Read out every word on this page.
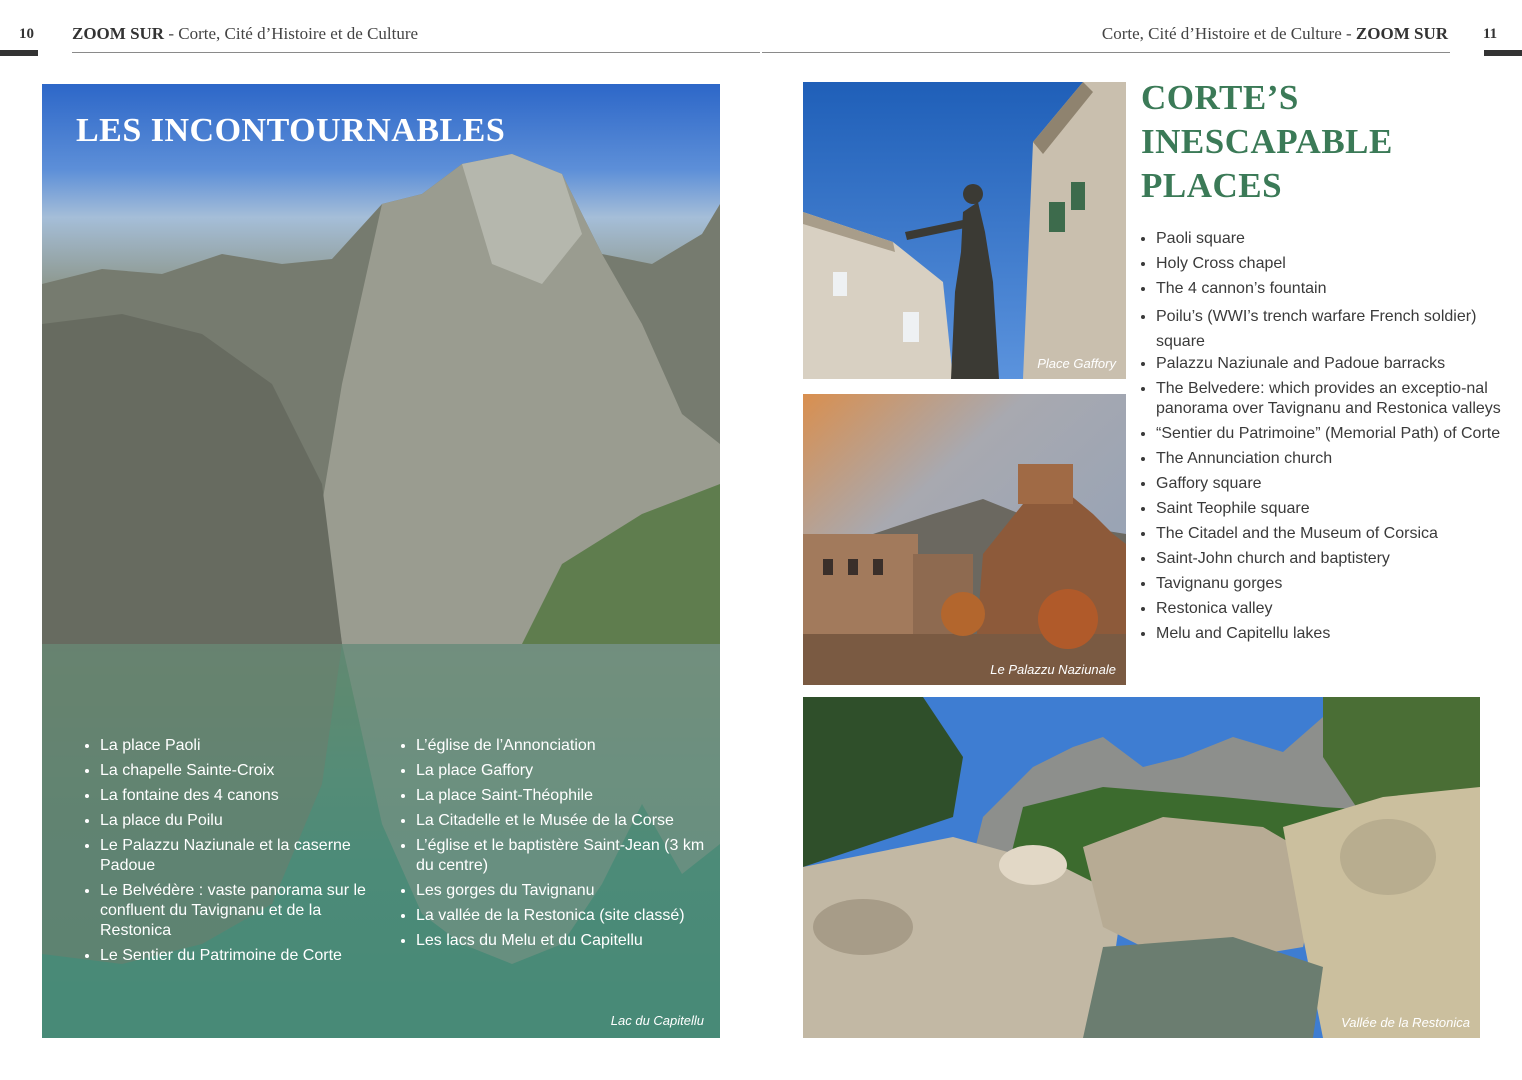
10 ZOOM SUR - Corte, Cité d’Histoire et de Culture	Corte, Cité d’Histoire et de Culture - ZOOM SUR 11
LES INCONTOURNABLES
• La place Paoli
• La chapelle Sainte-Croix
• La fontaine des 4 canons
• La place du Poilu
• Le Palazzu Naziunale et la caserne Padoue
• Le Belvédère : vaste panorama sur le confluent du Tavignanu et de la Restonica
• Le Sentier du Patrimoine de Corte
• L’église de l’Annonciation
• La place Gaffory
• La place Saint-Théophile
• La Citadelle et le Musée de la Corse
• L’église et le baptistère Saint-Jean (3 km du centre)
• Les gorges du Tavignanu
• La vallée de la Restonica (site classé)
• Les lacs du Melu et du Capitellu
Lac du Capitellu
Place Gaffory
Le Palazzu Naziunale
Vallée de la Restonica
CORTE’S
INESCAPABLE
PLACES
• Paoli square
• Holy Cross chapel
• The 4 cannon’s fountain
• Poilu’s (WWI’s trench warfare French soldier) square
• Palazzu Naziunale and Padoue barracks
• The Belvedere: which provides an exceptio-nal panorama over Tavignanu and Restonica valleys
• “Sentier du Patrimoine” (Memorial Path) of Corte
• The Annunciation church
• Gaffory square
• Saint Teophile square
• The Citadel and the Museum of Corsica
• Saint-John church and baptistery
• Tavignanu gorges
• Restonica valley
• Melu and Capitellu lakes
